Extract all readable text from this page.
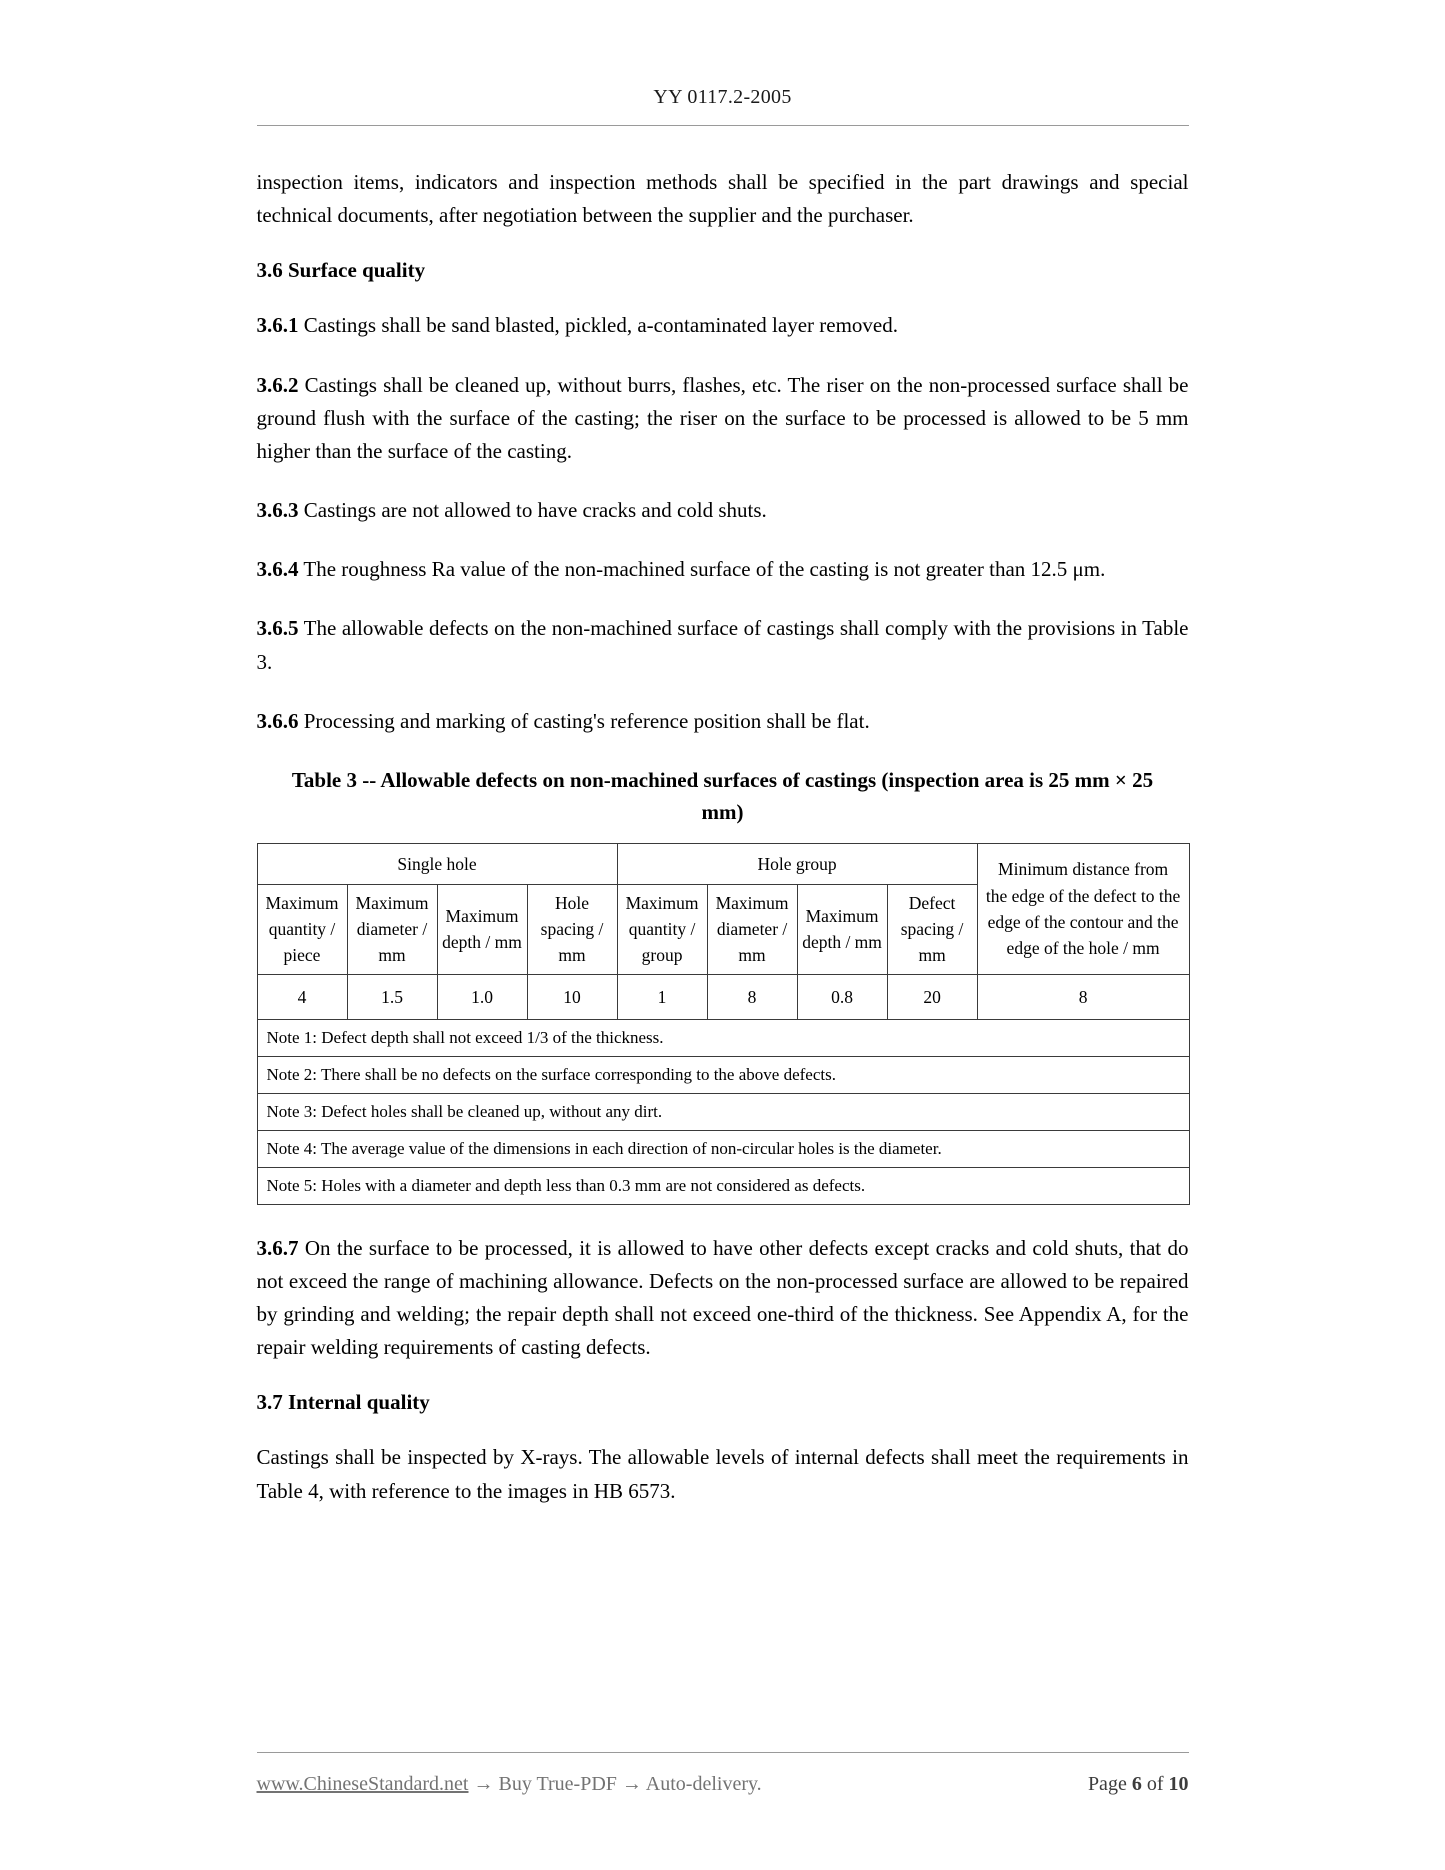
YY 0117.2-2005

inspection items, indicators and inspection methods shall be specified in the part drawings and special technical documents, after negotiation between the supplier and the purchaser.

3.6 Surface quality

3.6.1 Castings shall be sand blasted, pickled, a-contaminated layer removed.

3.6.2 Castings shall be cleaned up, without burrs, flashes, etc. The riser on the non-processed surface shall be ground flush with the surface of the casting; the riser on the surface to be processed is allowed to be 5 mm higher than the surface of the casting.

3.6.3 Castings are not allowed to have cracks and cold shuts.

3.6.4 The roughness Ra value of the non-machined surface of the casting is not greater than 12.5 μm.

3.6.5 The allowable defects on the non-machined surface of castings shall comply with the provisions in Table 3.

3.6.6 Processing and marking of casting's reference position shall be flat.

Table 3 -- Allowable defects on non-machined surfaces of castings (inspection area is 25 mm × 25 mm)
Single hole				Hole group				Minimum distance from the edge of the defect to the edge of the contour and the edge of the hole / mm
Maximum quantity / piece	Maximum diameter / mm	Maximum depth / mm	Hole spacing / mm	Maximum quantity / group	Maximum diameter / mm	Maximum depth / mm	Defect spacing / mm	
4	1.5	1.0	10	1	8	0.8	20	8
Note 1: Defect depth shall not exceed 1/3 of the thickness.								
Note 2: There shall be no defects on the surface corresponding to the above defects.								
Note 3: Defect holes shall be cleaned up, without any dirt.								
Note 4: The average value of the dimensions in each direction of non-circular holes is the diameter.								
Note 5: Holes with a diameter and depth less than 0.3 mm are not considered as defects.								

3.6.7 On the surface to be processed, it is allowed to have other defects except cracks and cold shuts, that do not exceed the range of machining allowance. Defects on the non-processed surface are allowed to be repaired by grinding and welding; the repair depth shall not exceed one-third of the thickness. See Appendix A, for the repair welding requirements of casting defects.

3.7 Internal quality

Castings shall be inspected by X-rays. The allowable levels of internal defects shall meet the requirements in Table 4, with reference to the images in HB 6573.

www.ChineseStandard.net → Buy True-PDF → Auto-delivery.	Page 6 of 10
